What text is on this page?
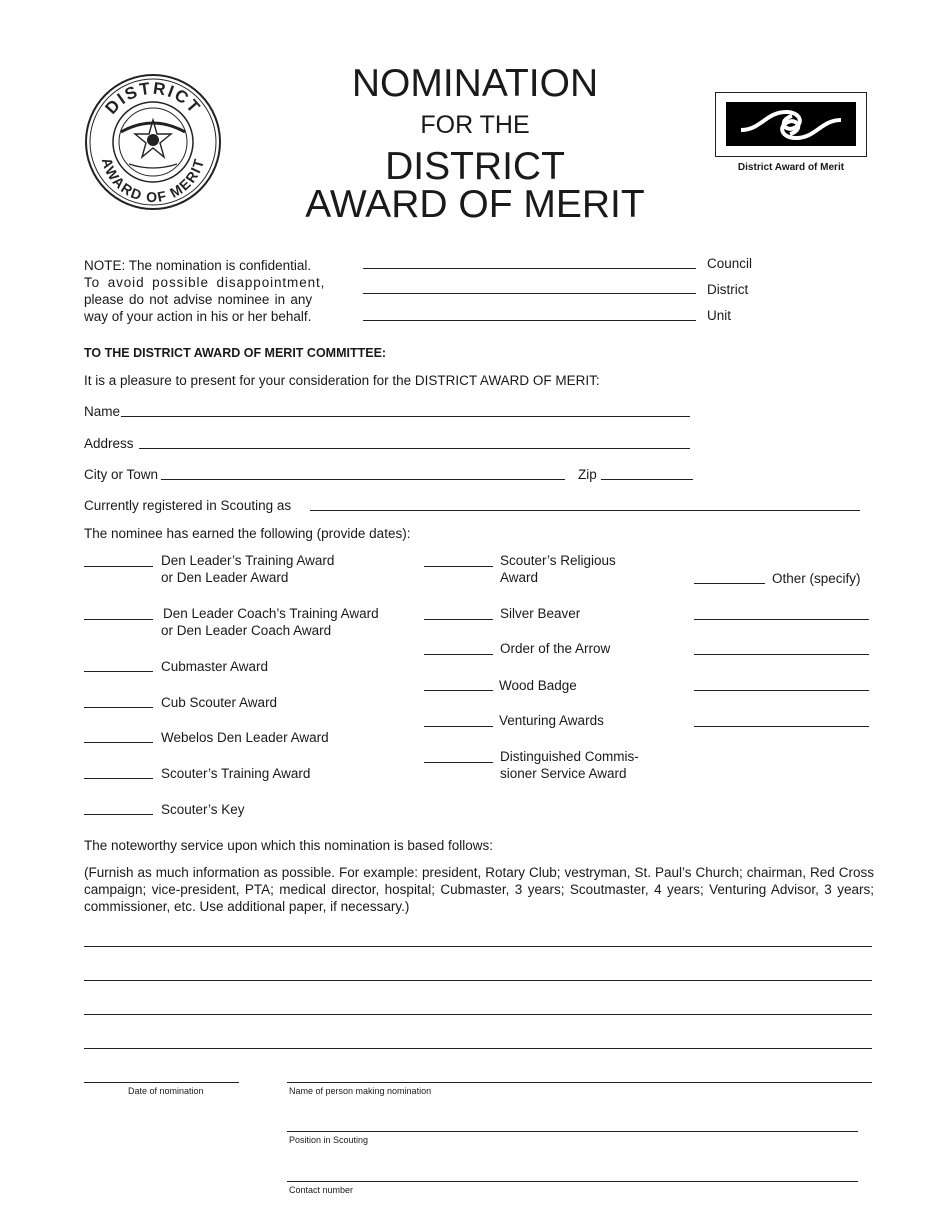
DISTRICT
AWARD OF MERIT
NOMINATION
FOR THE
DISTRICT
AWARD OF MERIT
District Award of Merit
NOTE: The nomination is confidential.
To avoid possible disappointment,
please do not advise nominee in any
way of your action in his or her behalf.
Council
District
Unit
TO THE DISTRICT AWARD OF MERIT COMMITTEE:
It is a pleasure to present for your consideration for the DISTRICT AWARD OF MERIT:
Name
Address
City or Town	Zip
Currently registered in Scouting as
The nominee has earned the following (provide dates):
Den Leader’s Training Award
or Den Leader Award
Den Leader Coach’s Training Award
or Den Leader Coach Award
Cubmaster Award
Cub Scouter Award
Webelos Den Leader Award
Scouter’s Training Award
Scouter’s Key
Scouter’s Religious
Award
Silver Beaver
Order of the Arrow
Wood Badge
Venturing Awards
Distinguished Commis-
sioner Service Award
Other (specify)
The noteworthy service upon which this nomination is based follows:
(Furnish as much information as possible. For example: president, Rotary Club; vestryman, St. Paul’s Church; chairman, Red Cross campaign; vice-president, PTA; medical director, hospital; Cubmaster, 3 years; Scoutmaster, 4 years; Venturing Advisor, 3 years; commissioner, etc. Use additional paper, if necessary.)
Date of nomination	Name of person making nomination
Position in Scouting
Contact number
